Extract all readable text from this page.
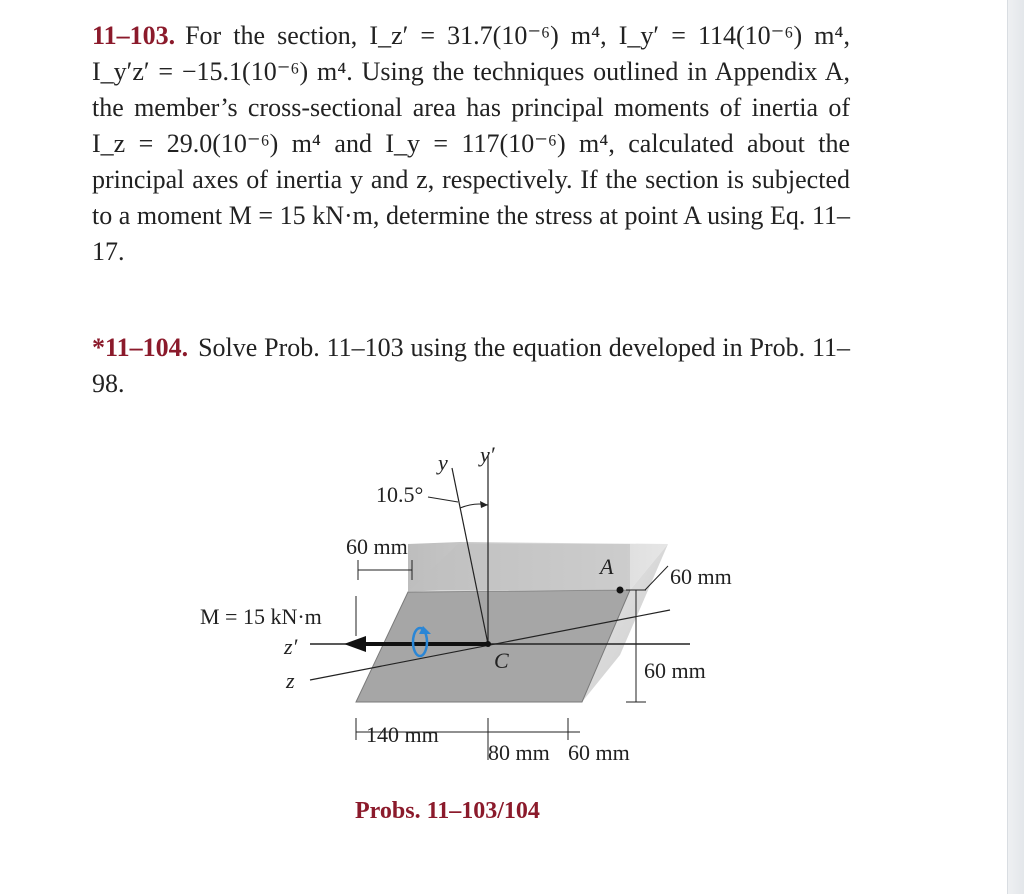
11–103. For the section, I_z′ = 31.7(10⁻⁶) m⁴, I_y′ = 114(10⁻⁶) m⁴, I_y′z′ = −15.1(10⁻⁶) m⁴. Using the techniques outlined in Appendix A, the member’s cross-sectional area has principal moments of inertia of I_z = 29.0(10⁻⁶) m⁴ and I_y = 117(10⁻⁶) m⁴, calculated about the principal axes of inertia y and z, respectively. If the section is subjected to a moment M = 15 kN·m, determine the stress at point A using Eq. 11–17.
*11–104. Solve Prob. 11–103 using the equation developed in Prob. 11–98.
y y′
10.5°
60 mm
A	60 mm
M = 15 kN·m
z′
z
C	60 mm
140 mm
80 mm 60 mm
Probs. 11–103/104
